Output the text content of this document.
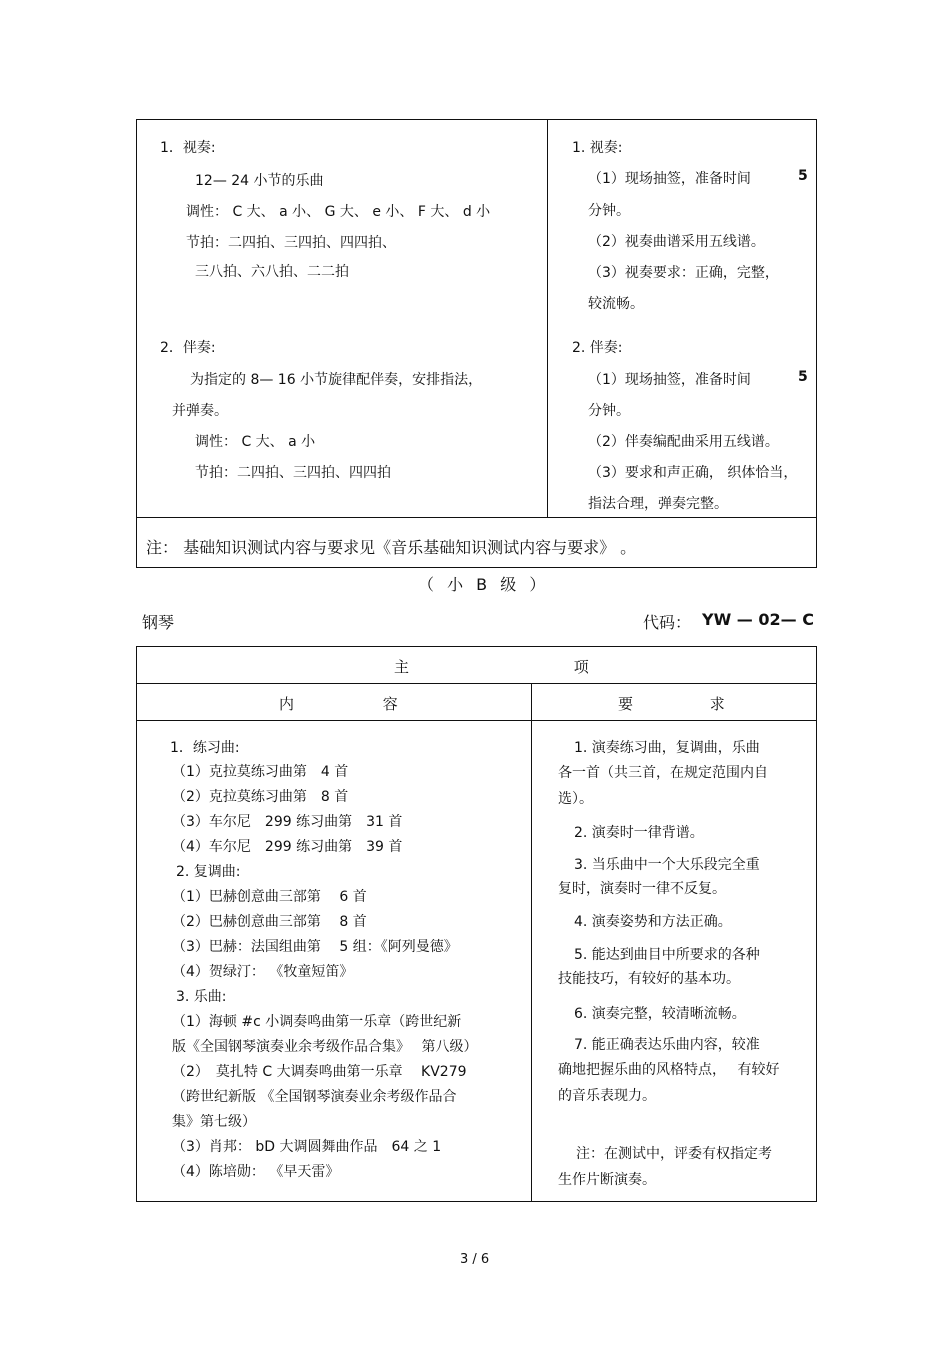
1．视奏:
12— 24 小节的乐曲
调性： C 大、 a 小、 G 大、 e 小、 F 大、 d 小
节拍：二四拍、三四拍、四四拍、
三八拍、六八拍、二二拍
2．伴奏:
为指定的 8— 16 小节旋律配伴奏，安排指法，
并弹奏。
调性： C 大、 a 小
节拍：二四拍、三四拍、四四拍
1. 视奏:
（1）现场抽签，准备时间	5
分钟。
（2）视奏曲谱采用五线谱。
（3）视奏要求：正确，完整，
较流畅。
2. 伴奏:
（1）现场抽签，准备时间	5
分钟。
（2）伴奏编配曲采用五线谱。
（3）要求和声正确， 织体恰当，
指法合理，弹奏完整。
注： 基础知识测试内容与要求见《音乐基础知识测试内容与要求》 。
（ 小 B 级 ）
钢琴	代码： YW — 02— C
主 项
内 容	要 求
1．练习曲:
（1）克拉莫练习曲第　4 首
（2）克拉莫练习曲第　8 首
（3）车尔尼　299 练习曲第　31 首
（4）车尔尼　299 练习曲第　39 首
2. 复调曲:
（1）巴赫创意曲三部第　 6 首
（2）巴赫创意曲三部第　 8 首
（3）巴赫：法国组曲第　 5 组：《阿列曼德》
（4）贺绿汀： 《牧童短笛》
3. 乐曲:
（1）海顿 #c 小调奏鸣曲第一乐章（跨世纪新
版《全国钢琴演奏业余考级作品合集》　 第八级）
（2）　莫扎特 C 大调奏鸣曲第一乐章　 KV279
（跨世纪新版 《全国钢琴演奏业余考级作品合
集》第七级）
（3）肖邦： bD 大调圆舞曲作品　64 之 1
（4）陈培勋： 《早天雷》
1. 演奏练习曲，复调曲，乐曲
各一首（共三首，在规定范围内自
选）。
2. 演奏时一律背谱。
3. 当乐曲中一个大乐段完全重
复时，演奏时一律不反复。
4. 演奏姿势和方法正确。
5. 能达到曲目中所要求的各种
技能技巧，有较好的基本功。
6. 演奏完整，较清晰流畅。
7. 能正确表达乐曲内容，较准
确地把握乐曲的风格特点，　 有较好
的音乐表现力。
注：在测试中，评委有权指定考
生作片断演奏。
3 / 6
